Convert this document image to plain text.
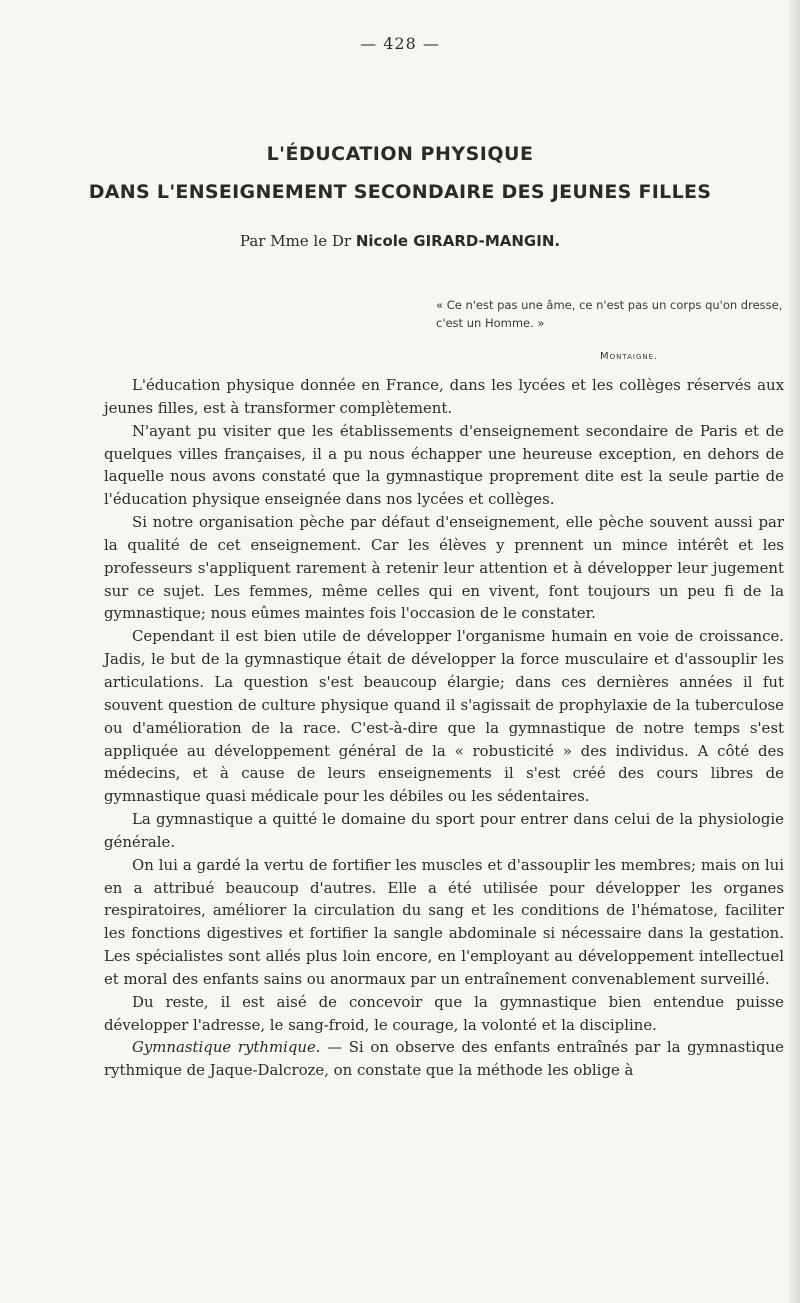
— 428 —
L'ÉDUCATION PHYSIQUE
DANS L'ENSEIGNEMENT SECONDAIRE DES JEUNES FILLES
Par Mme le Dr Nicole GIRARD-MANGIN.
« Ce n'est pas une âme, ce n'est pas un corps qu'on dresse, c'est un Homme. »
Montaigne.

L'éducation physique donnée en France, dans les lycées et les collèges réservés aux jeunes filles, est à transformer complètement.

N'ayant pu visiter que les établissements d'enseignement secondaire de Paris et de quelques villes françaises, il a pu nous échapper une heureuse exception, en dehors de laquelle nous avons constaté que la gymnastique proprement dite est la seule partie de l'éducation physique enseignée dans nos lycées et collèges.

Si notre organisation pèche par défaut d'enseignement, elle pèche souvent aussi par la qualité de cet enseignement. Car les élèves y prennent un mince intérêt et les professeurs s'appliquent rarement à retenir leur attention et à développer leur jugement sur ce sujet. Les femmes, même celles qui en vivent, font toujours un peu fi de la gymnastique; nous eûmes maintes fois l'occasion de le constater.

Cependant il est bien utile de développer l'organisme humain en voie de croissance. Jadis, le but de la gymnastique était de développer la force musculaire et d'assouplir les articulations. La question s'est beaucoup élargie; dans ces dernières années il fut souvent question de culture physique quand il s'agissait de prophylaxie de la tuberculose ou d'amélioration de la race. C'est-à-dire que la gymnastique de notre temps s'est appliquée au développement général de la « robusticité » des individus. A côté des médecins, et à cause de leurs enseignements il s'est créé des cours libres de gymnastique quasi médicale pour les débiles ou les sédentaires.

La gymnastique a quitté le domaine du sport pour entrer dans celui de la physiologie générale.

On lui a gardé la vertu de fortifier les muscles et d'assouplir les membres; mais on lui en a attribué beaucoup d'autres. Elle a été utilisée pour développer les organes respiratoires, améliorer la circulation du sang et les conditions de l'hématose, faciliter les fonctions digestives et fortifier la sangle abdominale si nécessaire dans la gestation. Les spécialistes sont allés plus loin encore, en l'employant au développement intellectuel et moral des enfants sains ou anormaux par un entraînement convenablement surveillé.

Du reste, il est aisé de concevoir que la gymnastique bien entendue puisse développer l'adresse, le sang-froid, le courage, la volonté et la discipline.

Gymnastique rythmique. — Si on observe des enfants entraînés par la gymnastique rythmique de Jaque-Dalcroze, on constate que la méthode les oblige à
